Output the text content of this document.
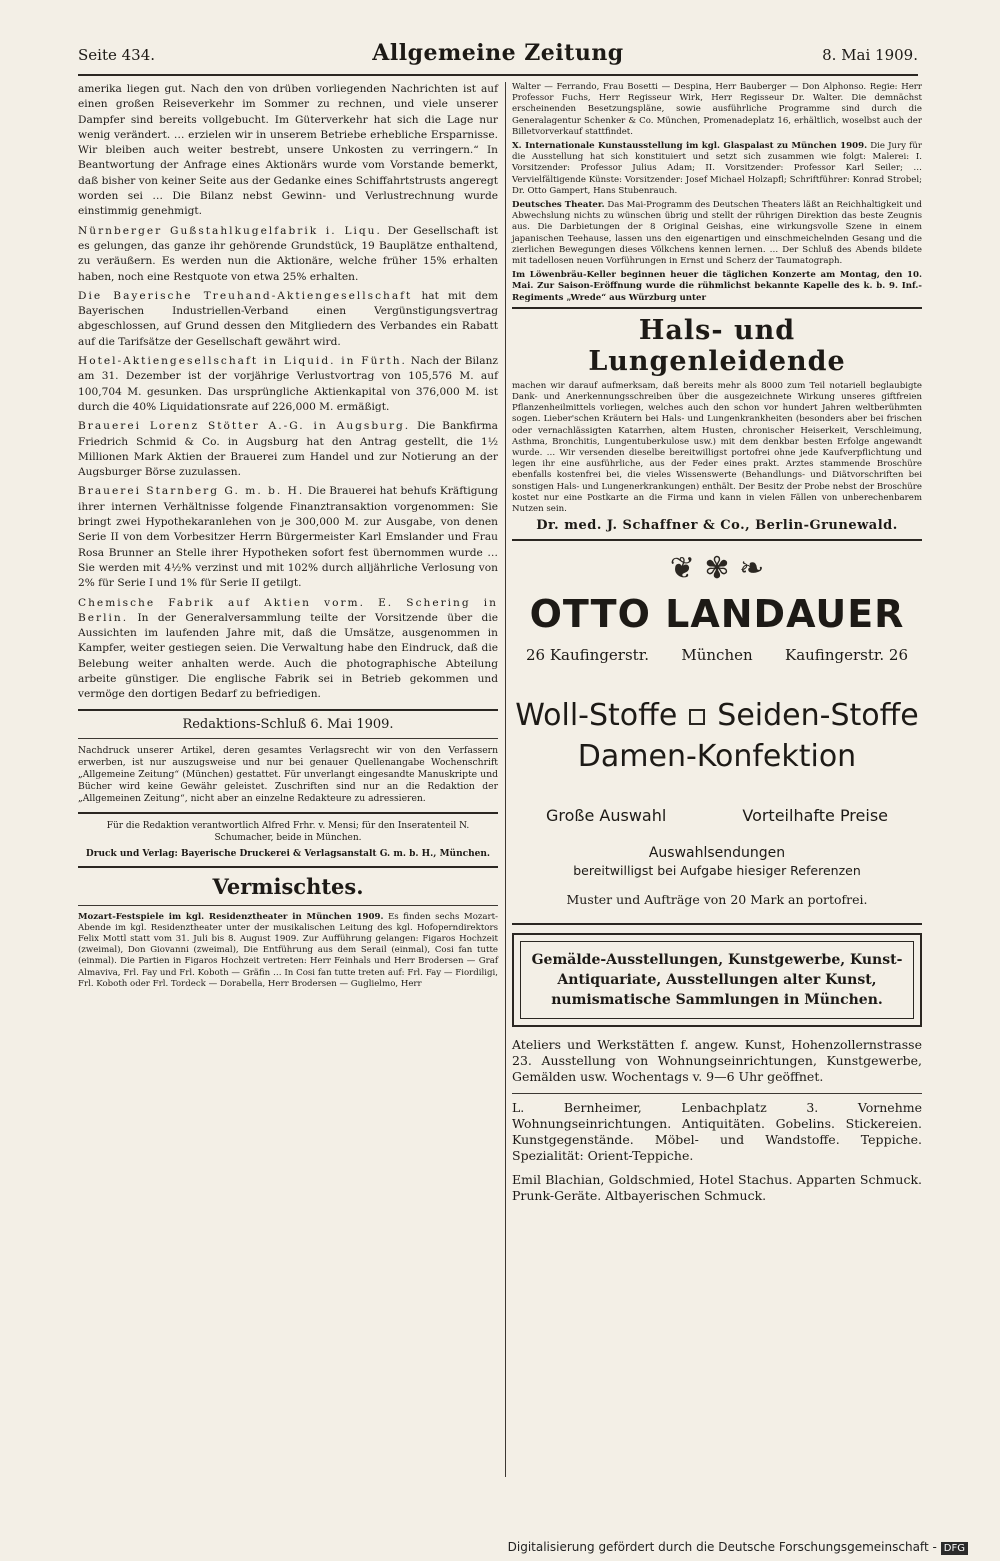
Seite 434.	Allgemeine Zeitung	8. Mai 1909.

amerika liegen gut. Nach den von drüben vorliegenden Nachrichten ist auf einen großen Reiseverkehr im Sommer zu rechnen, und viele unserer Dampfer sind bereits vollgebucht. Im Güterverkehr hat sich die Lage nur wenig verändert. … erzielen wir in unserem Betriebe erhebliche Ersparnisse. Wir bleiben auch weiter bestrebt, unsere Unkosten zu verringern.“ In Beantwortung der Anfrage eines Aktionärs wurde vom Vorstande bemerkt, daß bisher von keiner Seite aus der Gedanke eines Schiffahrtstrusts angeregt worden sei … Die Bilanz nebst Gewinn- und Verlustrechnung wurde einstimmig genehmigt.

Nürnberger Gußstahlkugelfabrik i. Liqu. Der Gesellschaft ist es gelungen, das ganze ihr gehörende Grundstück, 19 Bauplätze enthaltend, zu veräußern. Es werden nun die Aktionäre, welche früher 15% erhalten haben, noch eine Restquote von etwa 25% erhalten.

Die Bayerische Treuhand-Aktiengesellschaft hat mit dem Bayerischen Industriellen-Verband einen Vergünstigungsvertrag abgeschlossen, auf Grund dessen den Mitgliedern des Verbandes ein Rabatt auf die Tarifsätze der Gesellschaft gewährt wird.

Hotel-Aktiengesellschaft in Liquid. in Fürth. Nach der Bilanz am 31. Dezember ist der vorjährige Verlustvortrag von 105,576 M. auf 100,704 M. gesunken. Das ursprüngliche Aktienkapital von 376,000 M. ist durch die 40% Liquidationsrate auf 226,000 M. ermäßigt.

Brauerei Lorenz Stötter A.-G. in Augsburg. Die Bankfirma Friedrich Schmid & Co. in Augsburg hat den Antrag gestellt, die 1½ Millionen Mark Aktien der Brauerei zum Handel und zur Notierung an der Augsburger Börse zuzulassen.

Brauerei Starnberg G. m. b. H. Die Brauerei hat behufs Kräftigung ihrer internen Verhältnisse folgende Finanztransaktion vorgenommen: Sie bringt zwei Hypothekaranlehen von je 300,000 M. zur Ausgabe, von denen Serie II von dem Vorbesitzer Herrn Bürgermeister Karl Emslander und Frau Rosa Brunner an Stelle ihrer Hypotheken sofort fest übernommen wurde … Sie werden mit 4½% verzinst und mit 102% durch alljährliche Verlosung von 2% für Serie I und 1% für Serie II getilgt.

Chemische Fabrik auf Aktien vorm. E. Schering in Berlin. In der Generalversammlung teilte der Vorsitzende über die Aussichten im laufenden Jahre mit, daß die Umsätze, ausgenommen in Kampfer, weiter gestiegen seien. Die Verwaltung habe den Eindruck, daß die Belebung weiter anhalten werde. Auch die photographische Abteilung arbeite günstiger. Die englische Fabrik sei in Betrieb gekommen und vermöge den dortigen Bedarf zu befriedigen.

Redaktions-Schluß 6. Mai 1909.

Nachdruck unserer Artikel, deren gesamtes Verlagsrecht wir von den Verfassern erwerben, ist nur auszugsweise und nur bei genauer Quellenangabe Wochenschrift „Allgemeine Zeitung“ (München) gestattet. Für unverlangt eingesandte Manuskripte und Bücher wird keine Gewähr geleistet. Zuschriften sind nur an die Redaktion der „Allgemeinen Zeitung“, nicht aber an einzelne Redakteure zu adressieren.

Für die Redaktion verantwortlich Alfred Frhr. v. Mensi; für den Inseratenteil N. Schumacher, beide in München.
Druck und Verlag: Bayerische Druckerei & Verlagsanstalt G. m. b. H., München.
Vermischtes.

Mozart-Festspiele im kgl. Residenztheater in München 1909. Es finden sechs Mozart-Abende im kgl. Residenztheater unter der musikalischen Leitung des kgl. Hofoperndirektors Felix Mottl statt vom 31. Juli bis 8. August 1909. Zur Aufführung gelangen: Figaros Hochzeit (zweimal), Don Giovanni (zweimal), Die Entführung aus dem Serail (einmal), Cosi fan tutte (einmal). Die Partien in Figaros Hochzeit vertreten: Herr Feinhals und Herr Brodersen — Graf Almaviva, Frl. Fay und Frl. Koboth — Gräfin … In Cosi fan tutte treten auf: Frl. Fay — Fiordiligi, Frl. Koboth oder Frl. Tordeck — Dorabella, Herr Brodersen — Guglielmo, Herr

Walter — Ferrando, Frau Bosetti — Despina, Herr Bauberger — Don Alphonso. Regie: Herr Professor Fuchs, Herr Regisseur Wirk, Herr Regisseur Dr. Walter. Die demnächst erscheinenden Besetzungspläne, sowie ausführliche Programme sind durch die Generalagentur Schenker & Co. München, Promenadeplatz 16, erhältlich, woselbst auch der Billetvorverkauf stattfindet.

X. Internationale Kunstausstellung im kgl. Glaspalast zu München 1909. Die Jury für die Ausstellung hat sich konstituiert und setzt sich zusammen wie folgt: Malerei: I. Vorsitzender: Professor Julius Adam; II. Vorsitzender: Professor Karl Seiler; … Vervielfältigende Künste: Vorsitzender: Josef Michael Holzapfl; Schriftführer: Konrad Strobel; Dr. Otto Gampert, Hans Stubenrauch.

Deutsches Theater. Das Mai-Programm des Deutschen Theaters läßt an Reichhaltigkeit und Abwechslung nichts zu wünschen übrig und stellt der rührigen Direktion das beste Zeugnis aus. Die Darbietungen der 8 Original Geishas, eine wirkungsvolle Szene in einem japanischen Teehause, lassen uns den eigenartigen und einschmeichelnden Gesang und die zierlichen Bewegungen dieses Völkchens kennen lernen. … Der Schluß des Abends bildete mit tadellosen neuen Vorführungen in Ernst und Scherz der Taumatograph.

Im Löwenbräu-Keller beginnen heuer die täglichen Konzerte am Montag, den 10. Mai. Zur Saison-Eröffnung wurde die rühmlichst bekannte Kapelle des k. b. 9. Inf.-Regiments „Wrede“ aus Würzburg unter

Hals- und Lungenleidende

machen wir darauf aufmerksam, daß bereits mehr als 8000 zum Teil notariell beglaubigte Dank- und Anerkennungsschreiben über die ausgezeichnete Wirkung unseres giftfreien Pflanzenheilmittels vorliegen, welches auch den schon vor hundert Jahren weltberühmten sogen. Lieber'schen Kräutern bei Hals- und Lungenkrankheiten (besonders aber bei frischen oder vernachlässigten Katarrhen, altem Husten, chronischer Heiserkeit, Verschleimung, Asthma, Bronchitis, Lungentuberkulose usw.) mit dem denkbar besten Erfolge angewandt wurde. … Wir versenden dieselbe bereitwilligst portofrei ohne jede Kaufverpflichtung und legen ihr eine ausführliche, aus der Feder eines prakt. Arztes stammende Broschüre ebenfalls kostenfrei bei, die vieles Wissenswerte (Behandlungs- und Diätvorschriften bei sonstigen Hals- und Lungenerkrankungen) enthält. Der Besitz der Probe nebst der Broschüre kostet nur eine Postkarte an die Firma und kann in vielen Fällen von unberechenbarem Nutzen sein.

Dr. med. J. Schaffner & Co., Berlin-Grunewald.
❦ ✾ ❧
OTTO LANDAUER
26 Kaufingerstr. München Kaufingerstr. 26
Woll-Stoffe Seiden-Stoffe
Damen-Konfektion
Große Auswahl	Vorteilhafte Preise
Auswahlsendungen
bereitwilligst bei Aufgabe hiesiger Referenzen
Muster und Aufträge von 20 Mark an portofrei.
Gemälde-Ausstellungen, Kunstgewerbe, Kunst-Antiquariate, Ausstellungen alter Kunst, numismatische Sammlungen in München.

Ateliers und Werkstätten f. angew. Kunst, Hohenzollernstrasse 23. Ausstellung von Wohnungseinrichtungen, Kunstgewerbe, Gemälden usw. Wochentags v. 9—6 Uhr geöffnet.

L. Bernheimer, Lenbachplatz 3. Vornehme Wohnungseinrichtungen. Antiquitäten. Gobelins. Stickereien. Kunstgegenstände. Möbel- und Wandstoffe. Teppiche. Spezialität: Orient-Teppiche.

Emil Blachian, Goldschmied, Hotel Stachus. Apparten Schmuck. Prunk-Geräte. Altbayerischen Schmuck.

Digitalisierung gefördert durch die Deutsche Forschungsgemeinschaft - DFG
